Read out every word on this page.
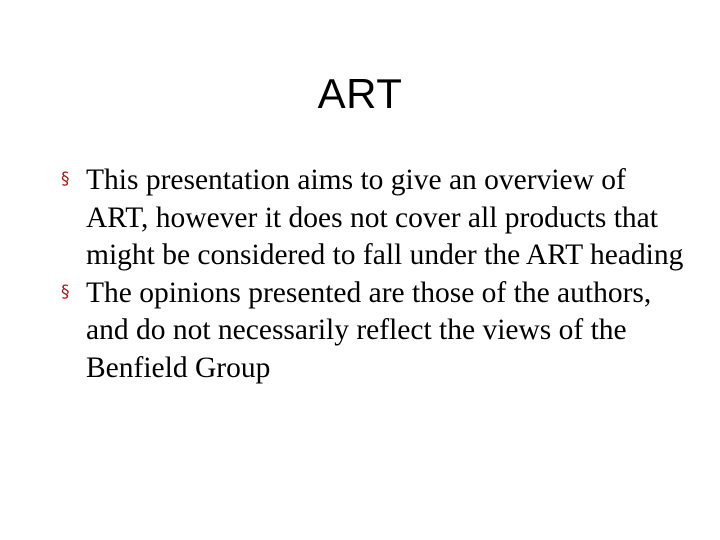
ART
§ This presentation aims to give an overview of ART, however it does not cover all products that might be considered to fall under the ART heading
§ The opinions presented are those of the authors, and do not necessarily reflect the views of the Benfield Group
